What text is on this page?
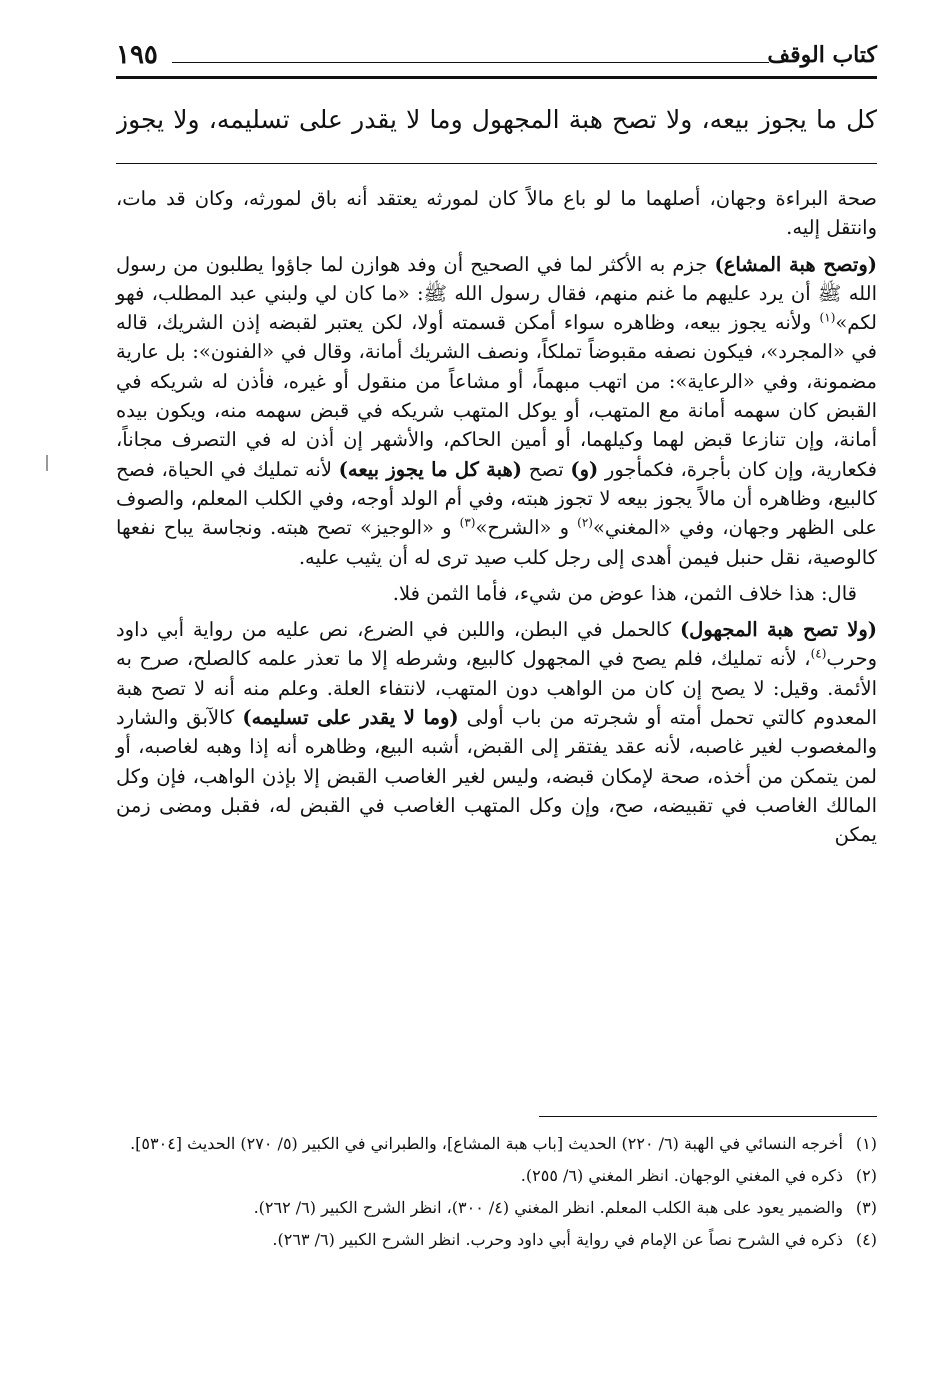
كتاب الوقف
١٩٥
كل ما يجوز بيعه، ولا تصح هبة المجهول وما لا يقدر على تسليمه، ولا يجوز

صحة البراءة وجهان، أصلهما ما لو باع مالاً كان لمورثه يعتقد أنه باق لمورثه، وكان قد مات، وانتقل إليه.

(وتصح هبة المشاع) جزم به الأكثر لما في الصحيح أن وفد هوازن لما جاؤوا يطلبون من رسول الله ﷺ أن يرد عليهم ما غنم منهم، فقال رسول الله ﷺ: «ما كان لي ولبني عبد المطلب، فهو لكم»$^{(١)}$ ولأنه يجوز بيعه، وظاهره سواء أمكن قسمته أولا، لكن يعتبر لقبضه إذن الشريك، قاله في «المجرد»، فيكون نصفه مقبوضاً تملكاً، ونصف الشريك أمانة، وقال في «الفنون»: بل عارية مضمونة، وفي «الرعاية»: من اتهب مبهماً، أو مشاعاً من منقول أو غيره، فأذن له شريكه في القبض كان سهمه أمانة مع المتهب، أو يوكل المتهب شريكه في قبض سهمه منه، ويكون بيده أمانة، وإن تنازعا قبض لهما وكيلهما، أو أمين الحاكم، والأشهر إن أذن له في التصرف مجاناً، فكعارية، وإن كان بأجرة، فكمأجور (و) تصح (هبة كل ما يجوز بيعه) لأنه تمليك في الحياة، فصح كالبيع، وظاهره أن مالاً يجوز بيعه لا تجوز هبته، وفي أم الولد أوجه، وفي الكلب المعلم، والصوف على الظهر وجهان، وفي «المغني»$^{(٢)}$ و «الشرح»$^{(٣)}$ و «الوجيز» تصح هبته. ونجاسة يباح نفعها كالوصية، نقل حنبل فيمن أهدى إلى رجل كلب صيد ترى له أن يثيب عليه.

قال: هذا خلاف الثمن، هذا عوض من شيء، فأما الثمن فلا.

(ولا تصح هبة المجهول) كالحمل في البطن، واللبن في الضرع، نص عليه من رواية أبي داود وحرب$^{(٤)}$، لأنه تمليك، فلم يصح في المجهول كالبيع، وشرطه إلا ما تعذر علمه كالصلح، صرح به الأئمة. وقيل: لا يصح إن كان من الواهب دون المتهب، لانتفاء العلة. وعلم منه أنه لا تصح هبة المعدوم كالتي تحمل أمته أو شجرته من باب أولى (وما لا يقدر على تسليمه) كالآبق والشارد والمغصوب لغير غاصبه، لأنه عقد يفتقر إلى القبض، أشبه البيع، وظاهره أنه إذا وهبه لغاصبه، أو لمن يتمكن من أخذه، صحة لإمكان قبضه، وليس لغير الغاصب القبض إلا بإذن الواهب، فإن وكل المالك الغاصب في تقبيضه، صح، وإن وكل المتهب الغاصب في القبض له، فقبل ومضى زمن يمكن

(١)
أخرجه النسائي في الهبة (٦/ ٢٢٠) الحديث [باب هبة المشاع]، والطبراني في الكبير (٥/ ٢٧٠) الحديث [٥٣٠٤].
(٢)
ذكره في المغني الوجهان. انظر المغني (٦/ ٢٥٥).
(٣)
والضمير يعود على هبة الكلب المعلم. انظر المغني (٤/ ٣٠٠)، انظر الشرح الكبير (٦/ ٢٦٢).
(٤)
ذكره في الشرح نصاً عن الإمام في رواية أبي داود وحرب. انظر الشرح الكبير (٦/ ٢٦٣).
